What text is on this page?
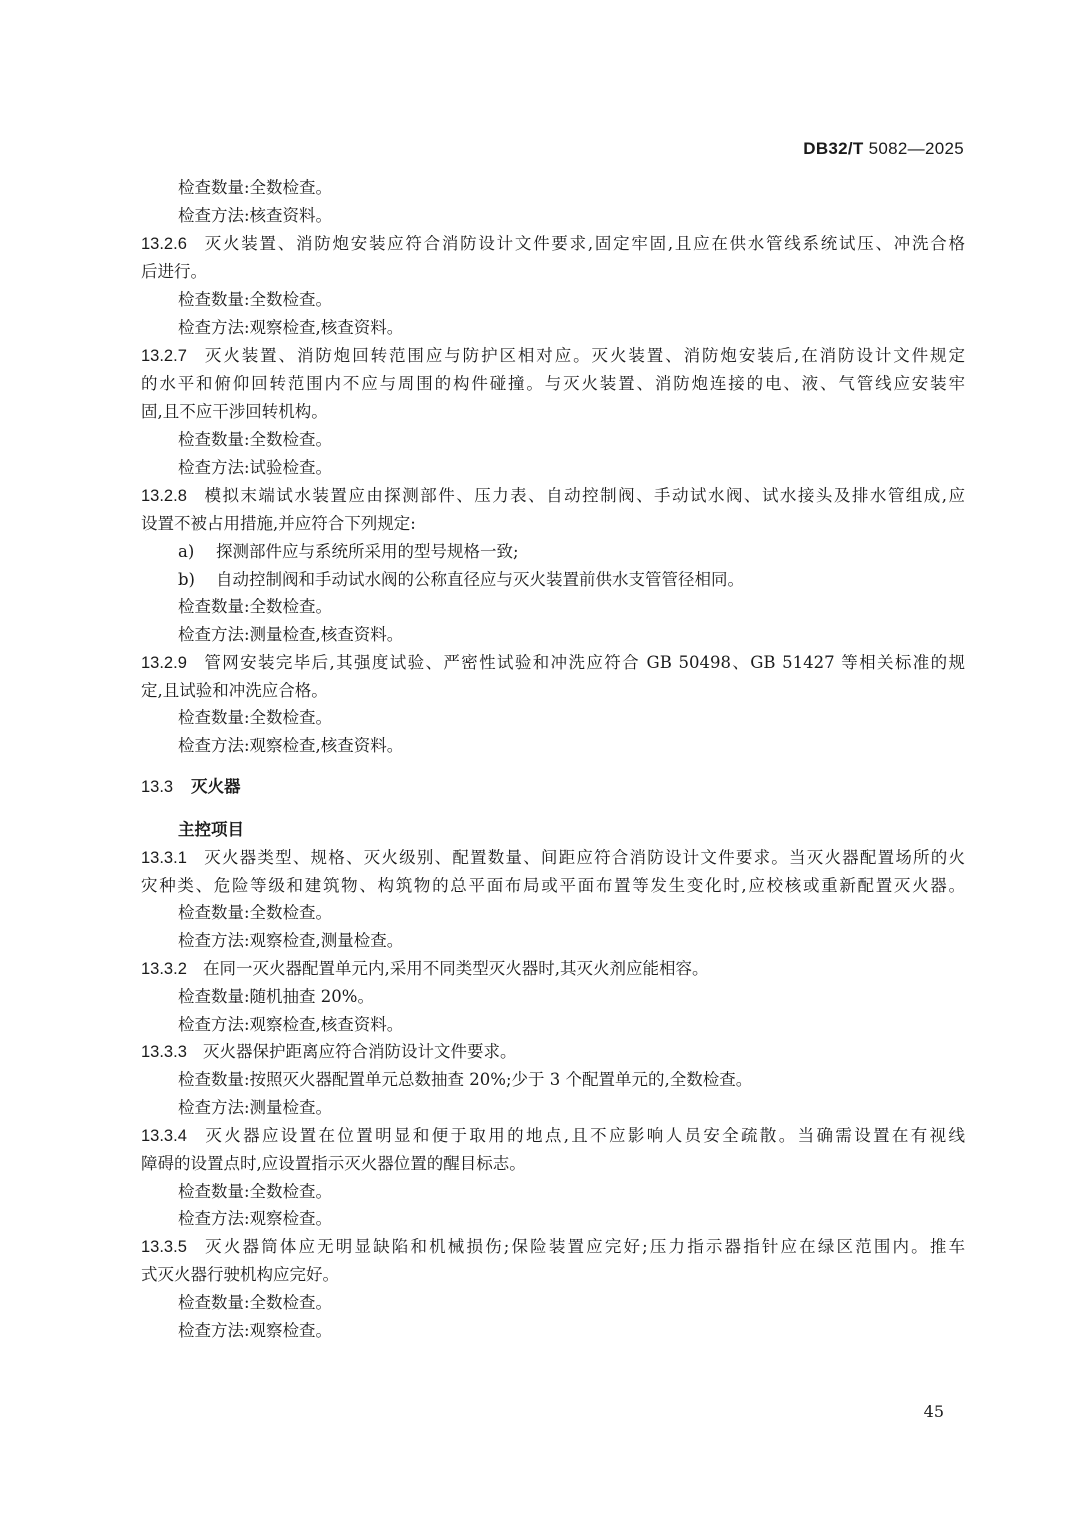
DB32/T 5082—2025
检查数量:全数检查。
检查方法:核查资料。
13.2.6 灭火装置、消防炮安装应符合消防设计文件要求,固定牢固,且应在供水管线系统试压、冲洗合格
后进行。
检查数量:全数检查。
检查方法:观察检查,核查资料。
13.2.7 灭火装置、消防炮回转范围应与防护区相对应。灭火装置、消防炮安装后,在消防设计文件规定
的水平和俯仰回转范围内不应与周围的构件碰撞。与灭火装置、消防炮连接的电、液、气管线应安装牢
固,且不应干涉回转机构。
检查数量:全数检查。
检查方法:试验检查。
13.2.8 模拟末端试水装置应由探测部件、压力表、自动控制阀、手动试水阀、试水接头及排水管组成,应
设置不被占用措施,并应符合下列规定:
a) 探测部件应与系统所采用的型号规格一致;
b) 自动控制阀和手动试水阀的公称直径应与灭火装置前供水支管管径相同。
检查数量:全数检查。
检查方法:测量检查,核查资料。
13.2.9 管网安装完毕后,其强度试验、严密性试验和冲洗应符合 GB 50498、GB 51427 等相关标准的规
定,且试验和冲洗应合格。
检查数量:全数检查。
检查方法:观察检查,核查资料。
13.3 灭火器
主控项目
13.3.1 灭火器类型、规格、灭火级别、配置数量、间距应符合消防设计文件要求。当灭火器配置场所的火
灾种类、危险等级和建筑物、构筑物的总平面布局或平面布置等发生变化时,应校核或重新配置灭火器。
检查数量:全数检查。
检查方法:观察检查,测量检查。
13.3.2 在同一灭火器配置单元内,采用不同类型灭火器时,其灭火剂应能相容。
检查数量:随机抽查 20%。
检查方法:观察检查,核查资料。
13.3.3 灭火器保护距离应符合消防设计文件要求。
检查数量:按照灭火器配置单元总数抽查 20%;少于 3 个配置单元的,全数检查。
检查方法:测量检查。
13.3.4 灭火器应设置在位置明显和便于取用的地点,且不应影响人员安全疏散。当确需设置在有视线
障碍的设置点时,应设置指示灭火器位置的醒目标志。
检查数量:全数检查。
检查方法:观察检查。
13.3.5 灭火器筒体应无明显缺陷和机械损伤;保险装置应完好;压力指示器指针应在绿区范围内。推车
式灭火器行驶机构应完好。
检查数量:全数检查。
检查方法:观察检查。
45
